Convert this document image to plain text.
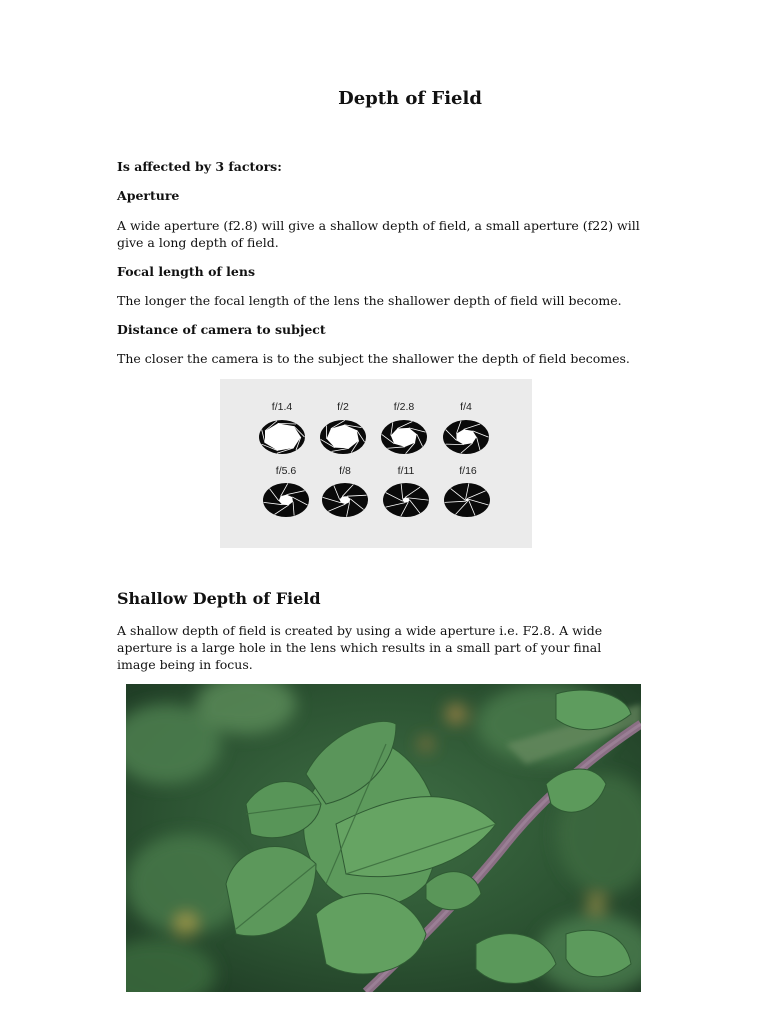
Depth of Field

Is affected by 3 factors:

Aperture

A wide aperture (f2.8) will give a shallow depth of field, a small aperture (f22) will give a long depth of field.

Focal length of lens

The longer the focal length of the lens the shallower depth of field will become.

Distance of camera to subject

The closer the camera is to the subject the shallower the depth of field becomes.

f/1.4	f/2	f/2.8	f/4
f/5.6	f/8	f/11	f/16
Shallow Depth of Field

A shallow depth of field is created by using a wide aperture i.e. F2.8. A wide aperture is a large hole in the lens which results in a small part of your final image being in focus.
